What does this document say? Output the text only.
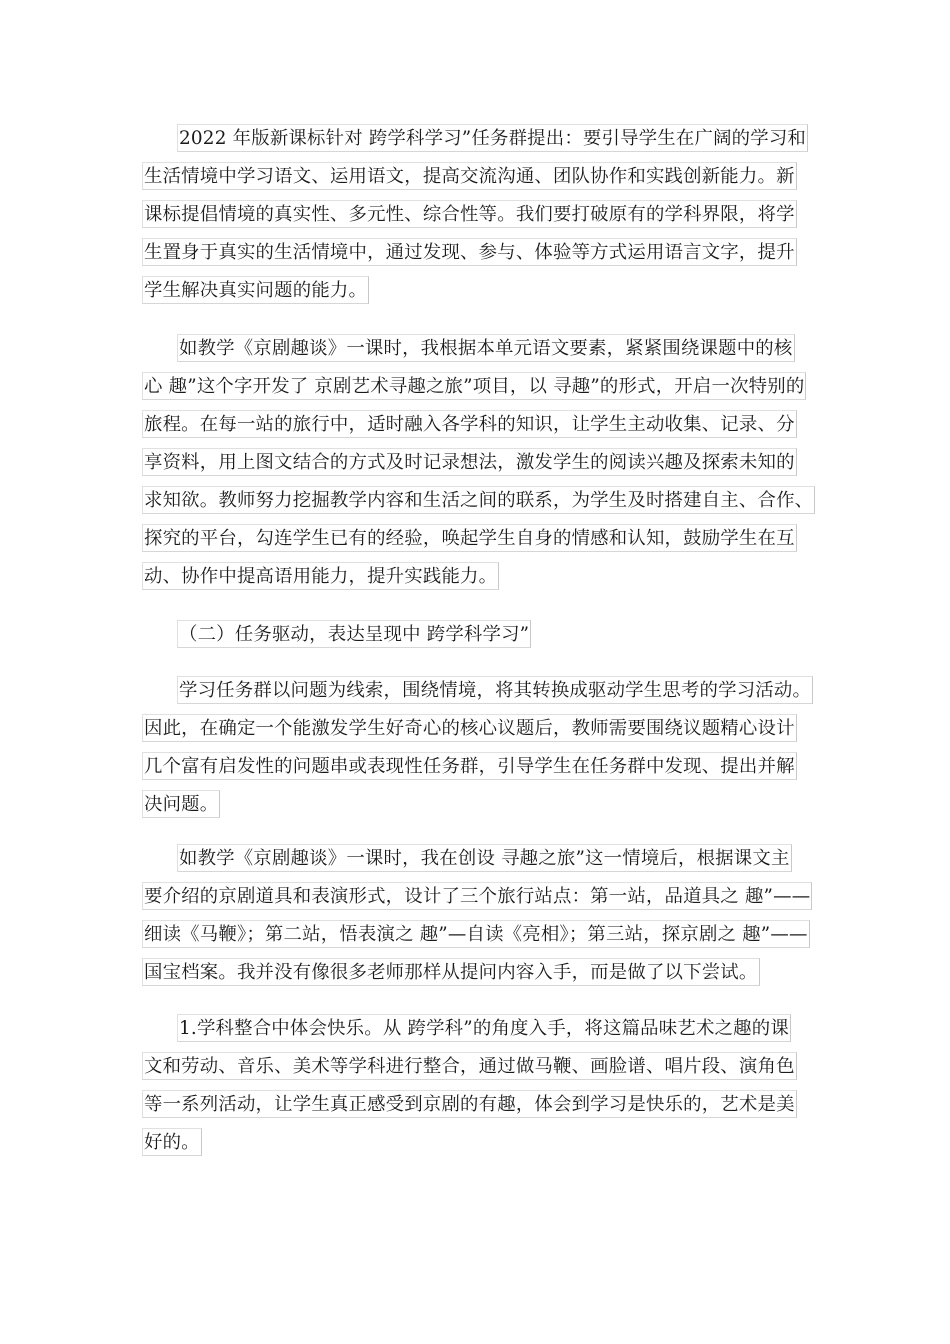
2022 年版新课标针对 跨学科学习”任务群提出：要引导学生在广阔的学习和
生活情境中学习语文、运用语文，提高交流沟通、团队协作和实践创新能力。新
课标提倡情境的真实性、多元性、综合性等。我们要打破原有的学科界限，将学
生置身于真实的生活情境中，通过发现、参与、体验等方式运用语言文字，提升
学生解决真实问题的能力。
如教学《京剧趣谈》一课时，我根据本单元语文要素，紧紧围绕课题中的核
心 趣”这个字开发了 京剧艺术寻趣之旅”项目，以 寻趣”的形式，开启一次特别的
旅程。在每一站的旅行中，适时融入各学科的知识，让学生主动收集、记录、分
享资料，用上图文结合的方式及时记录想法，激发学生的阅读兴趣及探索未知的
求知欲。教师努力挖掘教学内容和生活之间的联系，为学生及时搭建自主、合作、
探究的平台，勾连学生已有的经验，唤起学生自身的情感和认知，鼓励学生在互
动、协作中提高语用能力，提升实践能力。
（二）任务驱动，表达呈现中 跨学科学习”
学习任务群以问题为线索，围绕情境，将其转换成驱动学生思考的学习活动。
因此，在确定一个能激发学生好奇心的核心议题后，教师需要围绕议题精心设计
几个富有启发性的问题串或表现性任务群，引导学生在任务群中发现、提出并解
决问题。
如教学《京剧趣谈》一课时，我在创设 寻趣之旅”这一情境后，根据课文主
要介绍的京剧道具和表演形式，设计了三个旅行站点：第一站，品道具之 趣”——
细读《马鞭》；第二站，悟表演之 趣”—自读《亮相》；第三站，探京剧之 趣”——
国宝档案。我并没有像很多老师那样从提问内容入手，而是做了以下尝试。
1.学科整合中体会快乐。从 跨学科”的角度入手，将这篇品味艺术之趣的课
文和劳动、音乐、美术等学科进行整合，通过做马鞭、画脸谱、唱片段、演角色
等一系列活动，让学生真正感受到京剧的有趣，体会到学习是快乐的，艺术是美
好的。
